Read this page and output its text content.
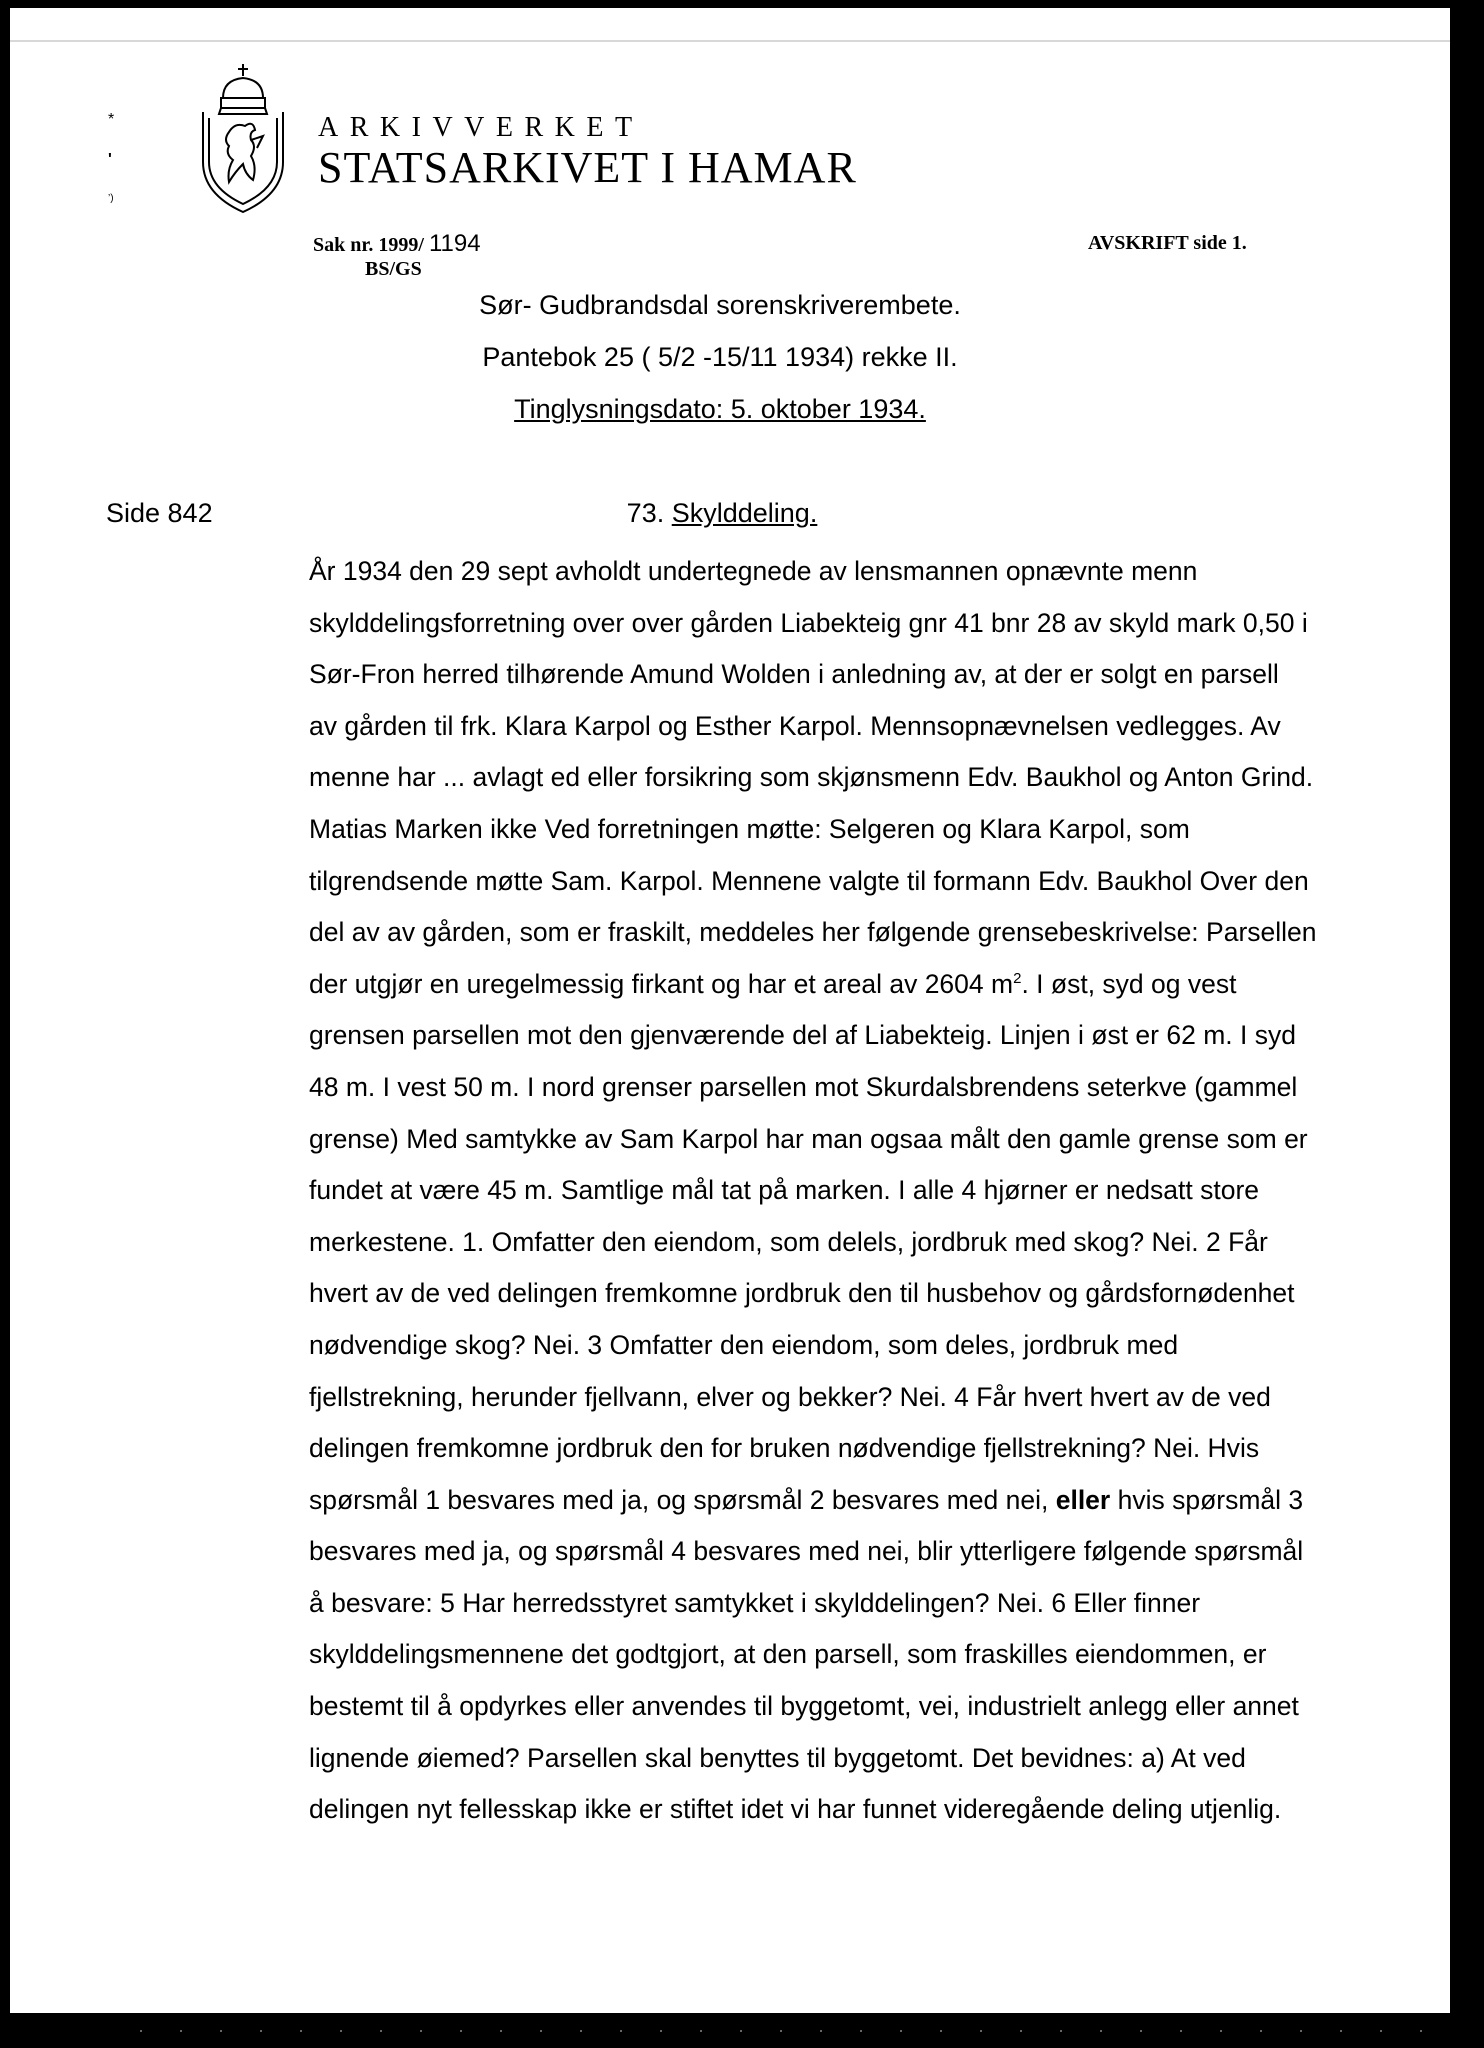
*
'
’)
ARKIVVERKET
STATSARKIVET I HAMAR
Sak nr. 1999/ 1194
BS/GS
AVSKRIFT side 1.
Sør- Gudbrandsdal sorenskriverembete.
Pantebok 25 ( 5/2 -15/11 1934) rekke II.
Tinglysningsdato: 5. oktober 1934.
Side 842	73. Skylddeling.
År 1934 den 29 sept avholdt undertegnede av lensmannen opnævnte menn
skylddelingsforretning over over gården Liabekteig gnr 41 bnr 28 av skyld mark 0,50 i
Sør-Fron herred tilhørende Amund Wolden i anledning av, at der er solgt en parsell
av gården til frk. Klara Karpol og Esther Karpol. Mennsopnævnelsen vedlegges. Av
menne har ... avlagt ed eller forsikring som skjønsmenn Edv. Baukhol og Anton Grind.
Matias Marken ikke Ved forretningen møtte: Selgeren og Klara Karpol, som
tilgrendsende møtte Sam. Karpol. Mennene valgte til formann Edv. Baukhol Over den
del av av gården, som er fraskilt, meddeles her følgende grensebeskrivelse: Parsellen
der utgjør en uregelmessig firkant og har et areal av 2604 $m^2$. I øst, syd og vest
grensen parsellen mot den gjenværende del af Liabekteig. Linjen i øst er 62 m. I syd
48 m. I vest 50 m. I nord grenser parsellen mot Skurdalsbrendens seterkve (gammel
grense) Med samtykke av Sam Karpol har man ogsaa målt den gamle grense som er
fundet at være 45 m. Samtlige mål tat på marken. I alle 4 hjørner er nedsatt store
merkestene. 1. Omfatter den eiendom, som delels, jordbruk med skog? Nei. 2 Får
hvert av de ved delingen fremkomne jordbruk den til husbehov og gårdsfornødenhet
nødvendige skog? Nei. 3 Omfatter den eiendom, som deles, jordbruk med
fjellstrekning, herunder fjellvann, elver og bekker? Nei. 4 Får hvert hvert av de ved
delingen fremkomne jordbruk den for bruken nødvendige fjellstrekning? Nei. Hvis
spørsmål 1 besvares med ja, og spørsmål 2 besvares med nei, eller hvis spørsmål 3
besvares med ja, og spørsmål 4 besvares med nei, blir ytterligere følgende spørsmål
å besvare: 5 Har herredsstyret samtykket i skylddelingen? Nei. 6 Eller finner
skylddelingsmennene det godtgjort, at den parsell, som fraskilles eiendommen, er
bestemt til å opdyrkes eller anvendes til byggetomt, vei, industrielt anlegg eller annet
lignende øiemed? Parsellen skal benyttes til byggetomt. Det bevidnes: a) At ved
delingen nyt fellesskap ikke er stiftet idet vi har funnet videregående deling utjenlig.
